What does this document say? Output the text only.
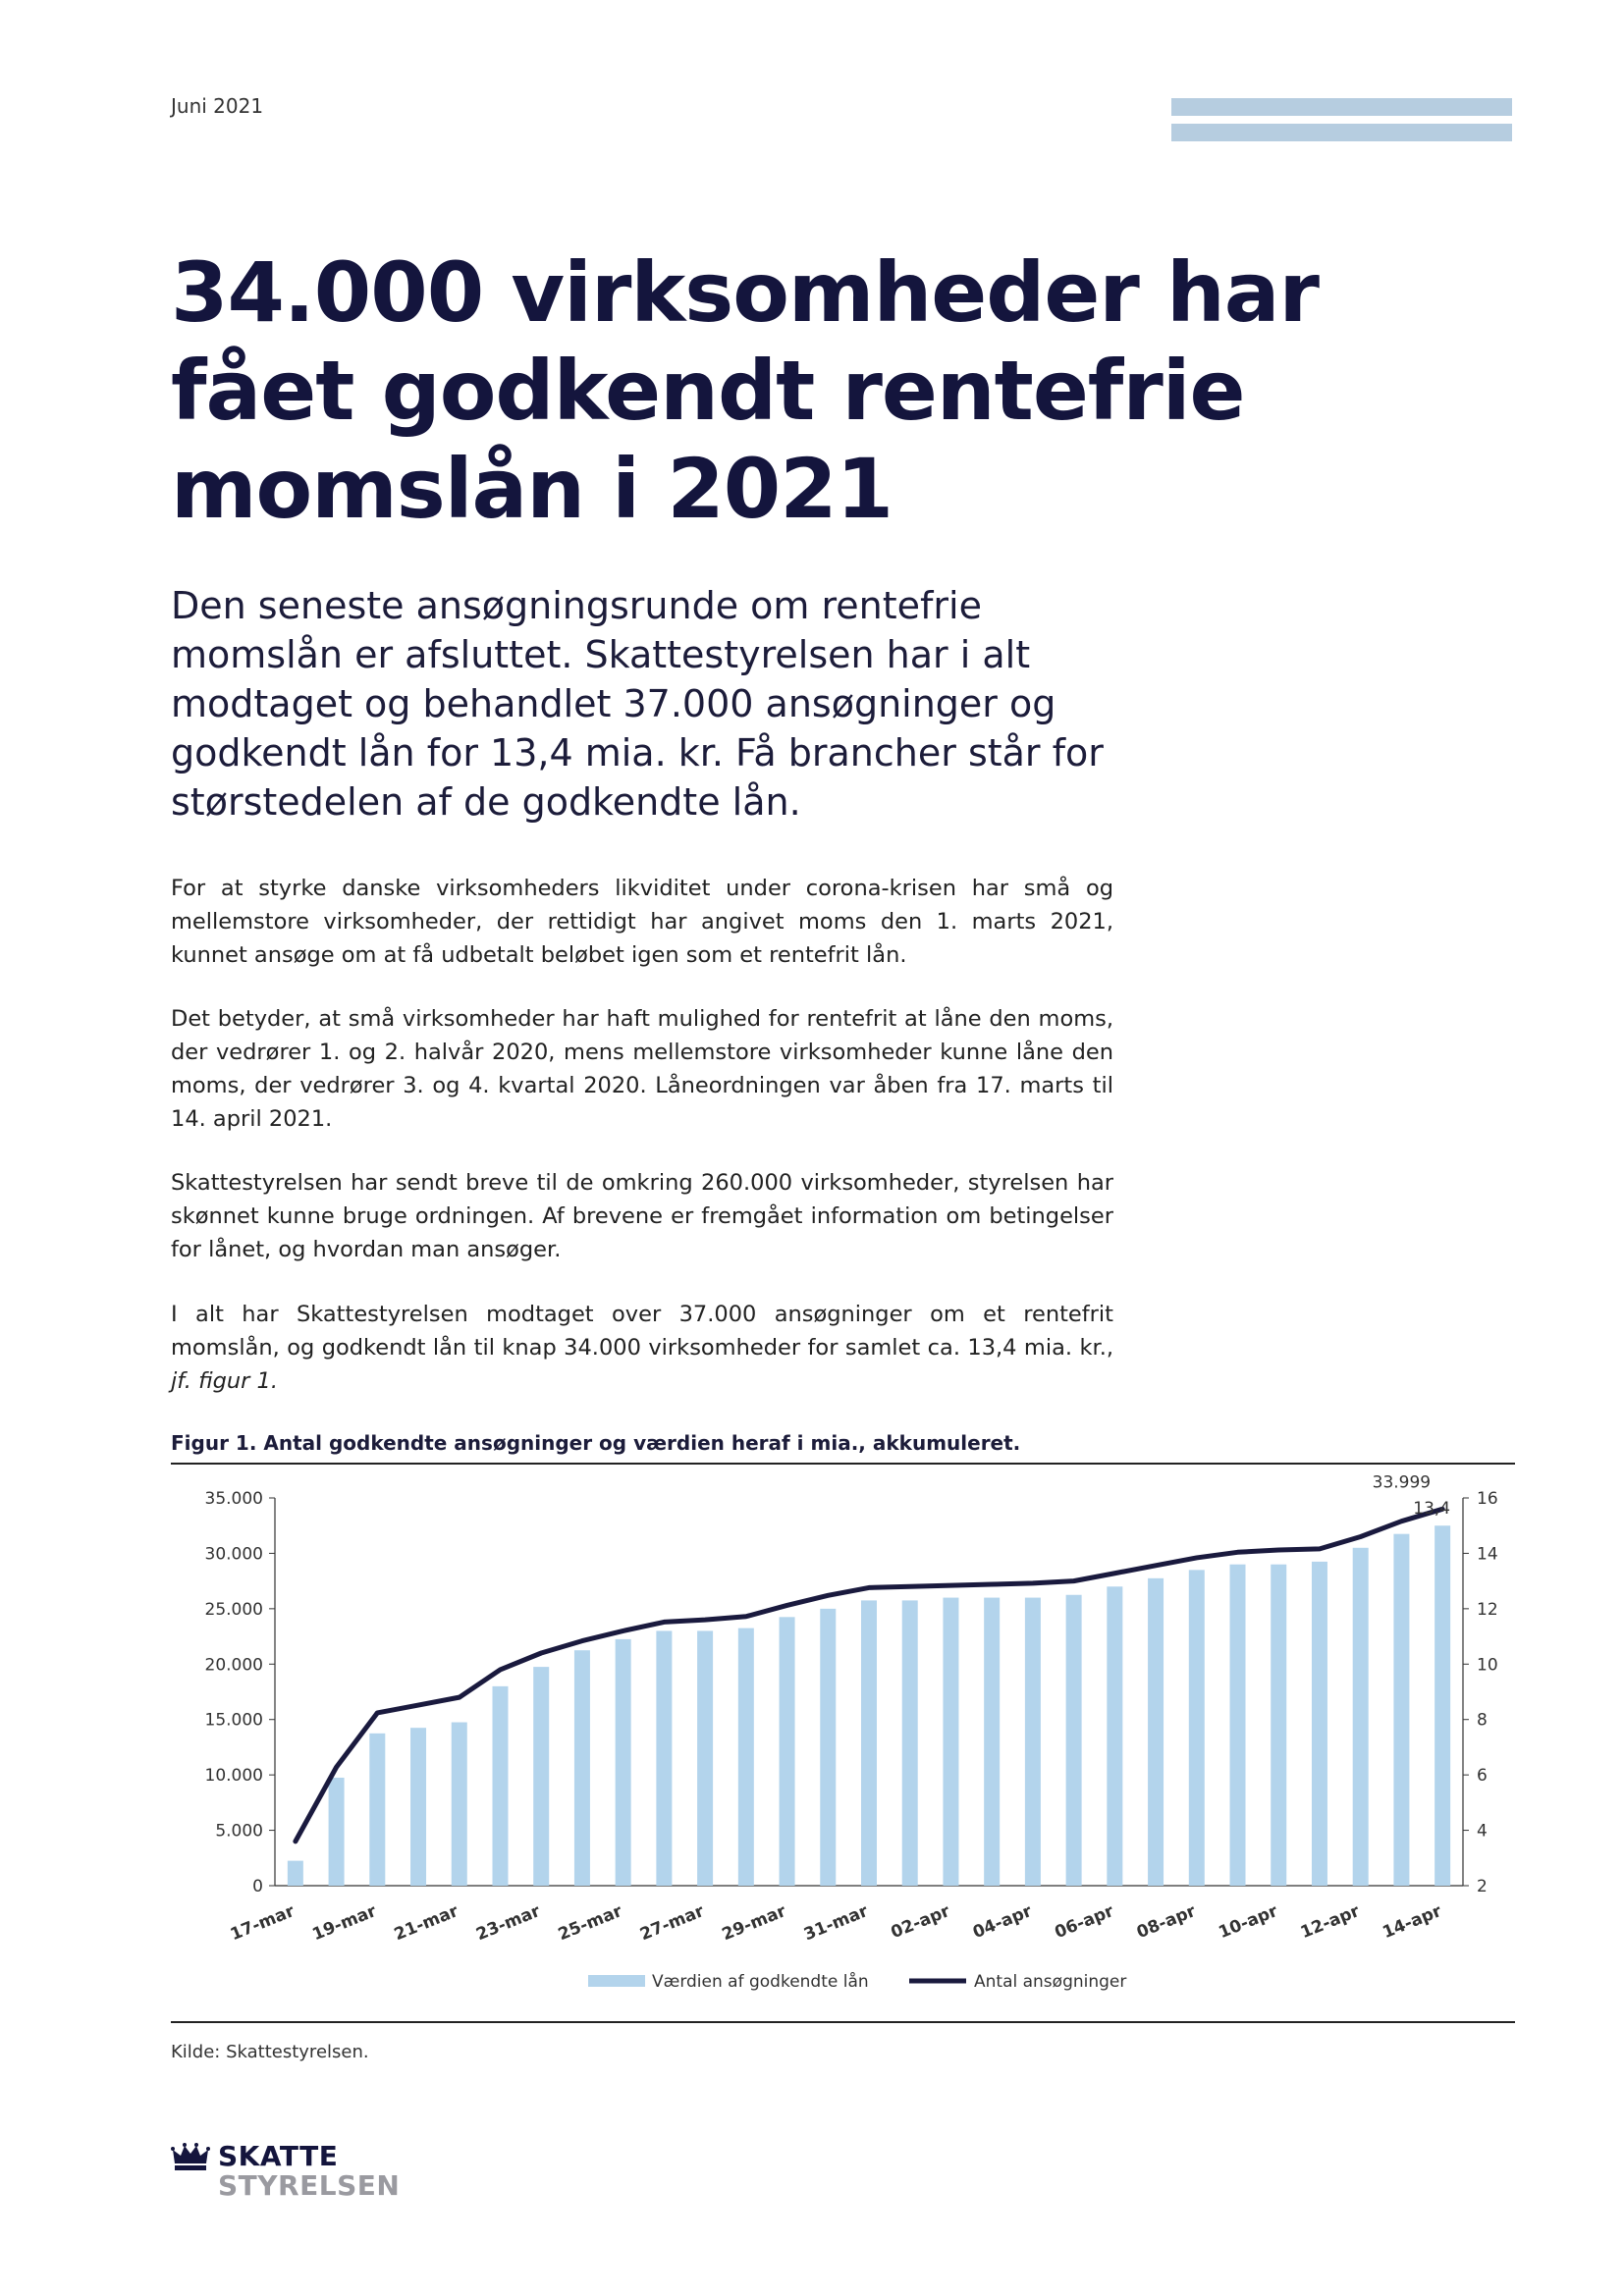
Juni 2021
34.000 virksomheder har fået godkendt rentefrie momslån i 2021

Den seneste ansøgningsrunde om rentefrie momslån er afsluttet. Skattestyrelsen har i alt modtaget og behandlet 37.000 ansøgninger og godkendt lån for 13,4 mia. kr. Få brancher står for størstedelen af de godkendte lån.

For at styrke danske virksomheders likviditet under corona-krisen har små og mellemstore virksomheder, der rettidigt har angivet moms den 1. marts 2021, kunnet ansøge om at få udbetalt beløbet igen som et rentefrit lån.

Det betyder, at små virksomheder har haft mulighed for rentefrit at låne den moms, der vedrører 1. og 2. halvår 2020, mens mellemstore virksomheder kunne låne den moms, der vedrører 3. og 4. kvartal 2020. Låneordningen var åben fra 17. marts til 14. april 2021.

Skattestyrelsen har sendt breve til de omkring 260.000 virksomheder, styrelsen har skønnet kunne bruge ordningen. Af brevene er fremgået information om betingelser for lånet, og hvordan man ansøger.

I alt har Skattestyrelsen modtaget over 37.000 ansøgninger om et rentefrit momslån, og godkendt lån til knap 34.000 virksomheder for samlet ca. 13,4 mia. kr., jf. figur 1.

Figur 1. Antal godkendte ansøgninger og værdien heraf i mia., akkumuleret.
0
5.000
10.000
15.000
20.000
25.000
30.000
35.000
2
4
6
8
10
12
14
16
17-mar 19-mar 21-mar 23-mar 25-mar 27-mar 29-mar 31-mar 02-apr 04-apr 06-apr 08-apr 10-apr 12-apr 14-apr
33.999
13,4
Værdien af godkendte lån	Antal ansøgninger
Kilde: Skattestyrelsen.
SKATTE
STYRELSEN
